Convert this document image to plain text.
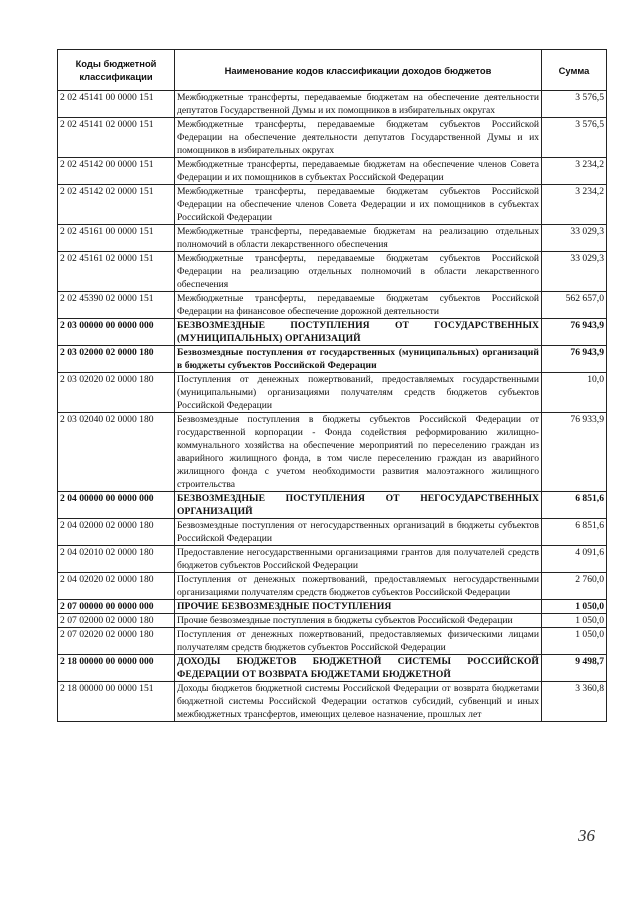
Коды бюджетной классификации	Наименование кодов классификации доходов бюджетов	Сумма
2 02 45141 00 0000 151	Межбюджетные трансферты, передаваемые бюджетам на обеспечение деятельности депутатов Государственной Думы и их помощников в избирательных округах	3 576,5
2 02 45141 02 0000 151	Межбюджетные трансферты, передаваемые бюджетам субъектов Российской Федерации на обеспечение деятельности депутатов Государственной Думы и их помощников в избирательных округах	3 576,5
2 02 45142 00 0000 151	Межбюджетные трансферты, передаваемые бюджетам на обеспечение членов Совета Федерации и их помощников в субъектах Российской Федерации	3 234,2
2 02 45142 02 0000 151	Межбюджетные трансферты, передаваемые бюджетам субъектов Российской Федерации на обеспечение членов Совета Федерации и их помощников в субъектах Российской Федерации	3 234,2
2 02 45161 00 0000 151	Межбюджетные трансферты, передаваемые бюджетам на реализацию отдельных полномочий в области лекарственного обеспечения	33 029,3
2 02 45161 02 0000 151	Межбюджетные трансферты, передаваемые бюджетам субъектов Российской Федерации на реализацию отдельных полномочий в области лекарственного обеспечения	33 029,3
2 02 45390 02 0000 151	Межбюджетные трансферты, передаваемые бюджетам субъектов Российской Федерации на финансовое обеспечение дорожной деятельности	562 657,0
2 03 00000 00 0000 000	БЕЗВОЗМЕЗДНЫЕ ПОСТУПЛЕНИЯ ОТ ГОСУДАРСТВЕННЫХ (МУНИЦИПАЛЬНЫХ) ОРГАНИЗАЦИЙ	76 943,9
2 03 02000 02 0000 180	Безвозмездные поступления от государственных (муниципальных) организаций в бюджеты субъектов Российской Федерации	76 943,9
2 03 02020 02 0000 180	Поступления от денежных пожертвований, предоставляемых государственными (муниципальными) организациями получателям средств бюджетов субъектов Российской Федерации	10,0
2 03 02040 02 0000 180	Безвозмездные поступления в бюджеты субъектов Российской Федерации от государственной корпорации - Фонда содействия реформированию жилищно-коммунального хозяйства на обеспечение мероприятий по переселению граждан из аварийного жилищного фонда, в том числе переселению граждан из аварийного жилищного фонда с учетом необходимости развития малоэтажного жилищного строительства	76 933,9
2 04 00000 00 0000 000	БЕЗВОЗМЕЗДНЫЕ ПОСТУПЛЕНИЯ ОТ НЕГОСУДАРСТВЕННЫХ ОРГАНИЗАЦИЙ	6 851,6
2 04 02000 02 0000 180	Безвозмездные поступления от негосударственных организаций в бюджеты субъектов Российской Федерации	6 851,6
2 04 02010 02 0000 180	Предоставление негосударственными организациями грантов для получателей средств бюджетов субъектов Российской Федерации	4 091,6
2 04 02020 02 0000 180	Поступления от денежных пожертвований, предоставляемых негосударственными организациями получателям средств бюджетов субъектов Российской Федерации	2 760,0
2 07 00000 00 0000 000	ПРОЧИЕ БЕЗВОЗМЕЗДНЫЕ ПОСТУПЛЕНИЯ	1 050,0
2 07 02000 02 0000 180	Прочие безвозмездные поступления в бюджеты субъектов Российской Федерации	1 050,0
2 07 02020 02 0000 180	Поступления от денежных пожертвований, предоставляемых физическими лицами получателям средств бюджетов субъектов Российской Федерации	1 050,0
2 18 00000 00 0000 000	ДОХОДЫ БЮДЖЕТОВ БЮДЖЕТНОЙ СИСТЕМЫ РОССИЙСКОЙ ФЕДЕРАЦИИ ОТ ВОЗВРАТА БЮДЖЕТАМИ БЮДЖЕТНОЙ	9 498,7
2 18 00000 00 0000 151	Доходы бюджетов бюджетной системы Российской Федерации от возврата бюджетами бюджетной системы Российской Федерации остатков субсидий, субвенций и иных межбюджетных трансфертов, имеющих целевое назначение, прошлых лет	3 360,8
36
